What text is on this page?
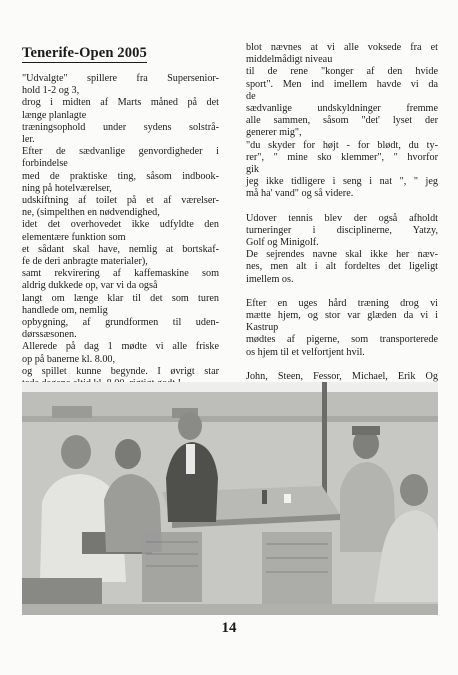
Tenerife-Open 2005
"Udvalgte" spillere fra Supersenior-
hold 1-2 og 3,
drog i midten af Marts måned på det
længe planlagte
træningsophold under sydens solstrå-
ler.
Efter de sædvanlige genvordigheder i
forbindelse
med de praktiske ting, såsom indbook-
ning på hotelværelser,
udskiftning af toilet på et af værelser-
ne, (simpelthen en nødvendighed,
idet det overhovedet ikke udfyldte den
elementære funktion som
et sådant skal have, nemlig at bortskaf-
fe de deri anbragte materialer),
samt rekvirering af kaffemaskine som
aldrig dukkede op, var vi da også
langt om længe klar til det som turen
handlede om, nemlig
opbygning, af grundformen til uden-
dørssæsonen.
Allerede på dag 1 mødte vi alle friske
op på banerne kl. 8.00,
og spillet kunne begynde. I øvrigt star
blot nævnes at vi alle voksede fra et
middelmådigt niveau
til de rene "konger af den hvide
sport". Men ind imellem havde vi da
de
sædvanlige undskyldninger fremme
alle sammen, såsom "det' lyset der
generer mig",
"du skyder for højt - for blødt, du ty-
rer", " mine sko klemmer", " hvorfor
gik
jeg ikke tidligere i seng i nat ", " jeg
må ha' vand" og så videre.
Udover tennis blev der også afholdt
turneringer i disciplinerne, Yatzy,
Golf og Minigolf.
De sejrendes navne skal ikke her næv-
nes, men alt i alt fordeltes det ligeligt
imellem os.
Efter en uges hård træning drog vi
mætte hjem, og stor var glæden da vi i
Kastrup
mødtes af pigerne, som transporterede
os hjem til et velfortjent hvil.
John, Steen, Fessor, Michael, Erik Og
14
